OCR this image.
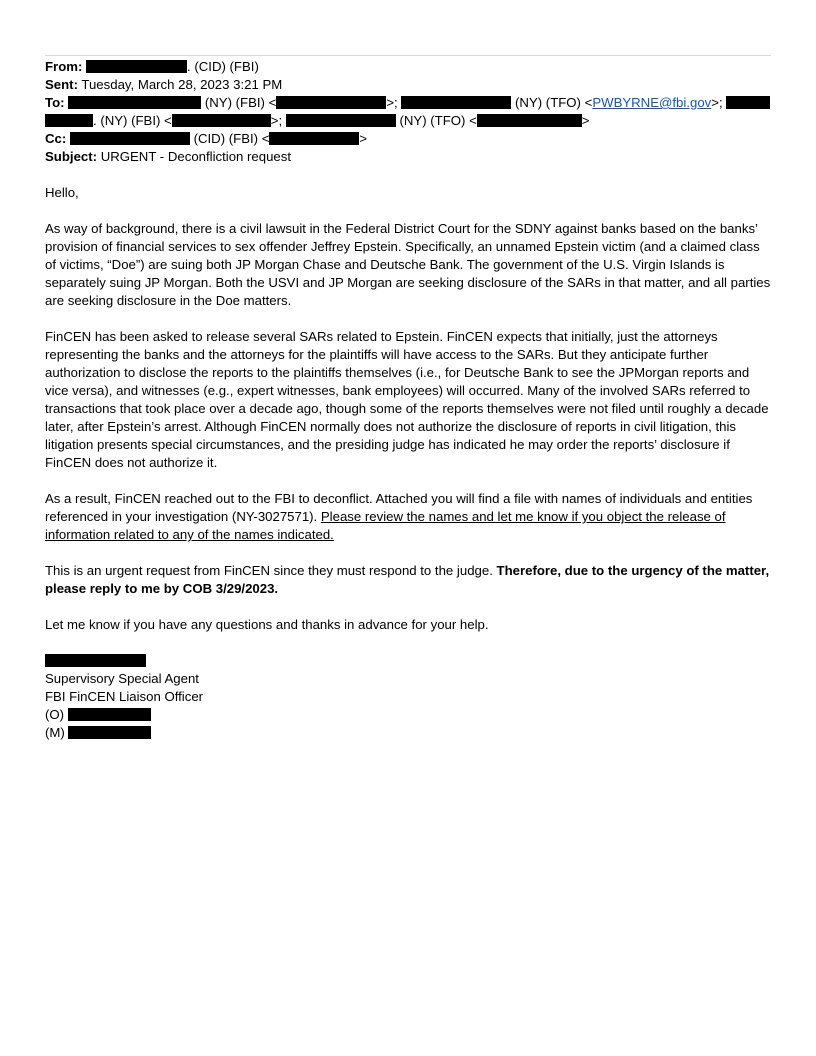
From:	. (CID) (FBI)
Sent: Tuesday, March 28, 2023 3:21 PM
To:	(NY) (FBI) <	>;	(NY) (TFO) <PWBYRNE@fbi.gov>;
. (NY) (FBI) <	>;	(NY) (TFO) <	>
Cc:	(CID) (FBI) <	>
Subject: URGENT - Deconfliction request

Hello,

As way of background, there is a civil lawsuit in the Federal District Court for the SDNY against banks based on the banks’ provision of financial services to sex offender Jeffrey Epstein. Specifically, an unnamed Epstein victim (and a claimed class of victims, “Doe”) are suing both JP Morgan Chase and Deutsche Bank. The government of the U.S. Virgin Islands is separately suing JP Morgan. Both the USVI and JP Morgan are seeking disclosure of the SARs in that matter, and all parties are seeking disclosure in the Doe matters.

FinCEN has been asked to release several SARs related to Epstein. FinCEN expects that initially, just the attorneys representing the banks and the attorneys for the plaintiffs will have access to the SARs. But they anticipate further authorization to disclose the reports to the plaintiffs themselves (i.e., for Deutsche Bank to see the JPMorgan reports and vice versa), and witnesses (e.g., expert witnesses, bank employees) will occurred. Many of the involved SARs referred to transactions that took place over a decade ago, though some of the reports themselves were not filed until roughly a decade later, after Epstein’s arrest. Although FinCEN normally does not authorize the disclosure of reports in civil litigation, this litigation presents special circumstances, and the presiding judge has indicated he may order the reports’ disclosure if FinCEN does not authorize it.

As a result, FinCEN reached out to the FBI to deconflict. Attached you will find a file with names of individuals and entities referenced in your investigation (NY-3027571). Please review the names and let me know if you object the release of information related to any of the names indicated.

This is an urgent request from FinCEN since they must respond to the judge. Therefore, due to the urgency of the matter, please reply to me by COB 3/29/2023.

Let me know if you have any questions and thanks in advance for your help.

Supervisory Special Agent
FBI FinCEN Liaison Officer
(O)
(M)
